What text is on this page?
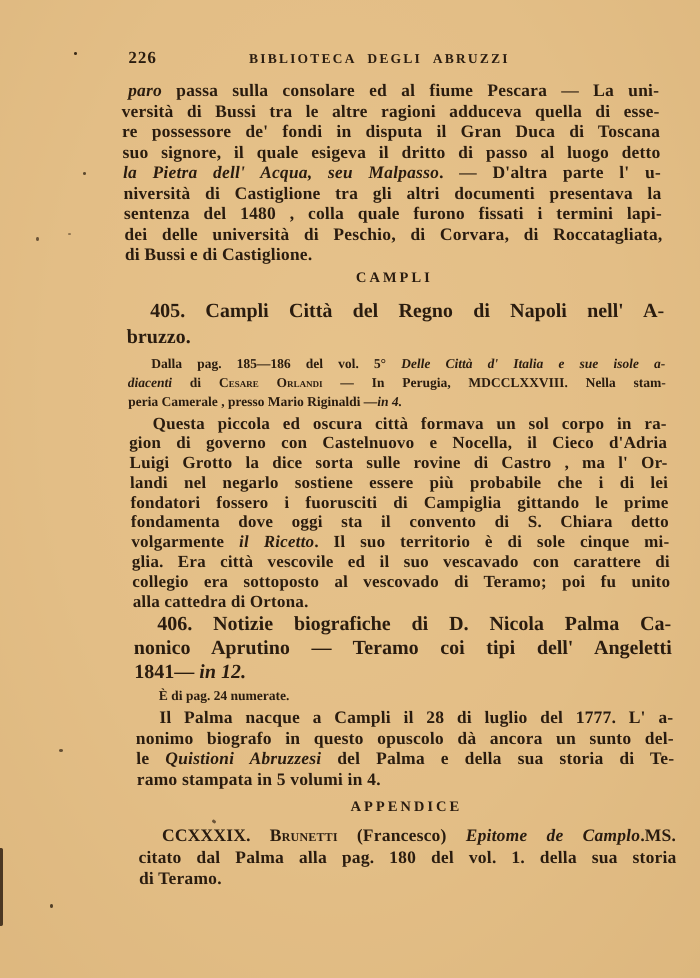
226	BIBLIOTECA DEGLI ABRUZZI
paro passa sulla consolare ed al fiume Pescara — La uni-
versità di Bussi tra le altre ragioni adduceva quella di esse-
re possessore de' fondi in disputa il Gran Duca di Toscana
suo signore, il quale esigeva il dritto di passo al luogo detto
la Pietra dell' Acqua, seu Malpasso. — D'altra parte l' u-
niversità di Castiglione tra gli altri documenti presentava la
sentenza del 1480 , colla quale furono fissati i termini lapi-
dei delle università di Peschio, di Corvara, di Roccatagliata,
di Bussi e di Castiglione.
CAMPLI
405. Campli Città del Regno di Napoli nell' A-
bruzzo.
Dalla pag. 185—186 del vol. 5° Delle Città d' Italia e sue isole a-
diacenti di Cesare Orlandi — In Perugia, MDCCLXXVIII. Nella stam-
peria Camerale , presso Mario Riginaldi —in 4.
Questa piccola ed oscura città formava un sol corpo in ra-
gion di governo con Castelnuovo e Nocella, il Cieco d'Adria
Luigi Grotto la dice sorta sulle rovine di Castro , ma l' Or-
landi nel negarlo sostiene essere più probabile che i di lei
fondatori fossero i fuorusciti di Campiglia gittando le prime
fondamenta dove oggi sta il convento di S. Chiara detto
volgarmente il Ricetto. Il suo territorio è di sole cinque mi-
glia. Era città vescovile ed il suo vescavado con carattere di
collegio era sottoposto al vescovado di Teramo; poi fu unito
alla cattedra di Ortona.
406. Notizie biografiche di D. Nicola Palma Ca-
nonico Aprutino — Teramo coi tipi dell' Angeletti
1841— in 12.
È di pag. 24 numerate.
Il Palma nacque a Campli il 28 di luglio del 1777. L' a-
nonimo biografo in questo opuscolo dà ancora un sunto del-
le Quistioni Abruzzesi del Palma e della sua storia di Te-
ramo stampata in 5 volumi in 4.
APPENDICE
CCXXXIX. Brunetti (Francesco) Epitome de Camplo.MS.
citato dal Palma alla pag. 180 del vol. 1. della sua storia
di Teramo.
